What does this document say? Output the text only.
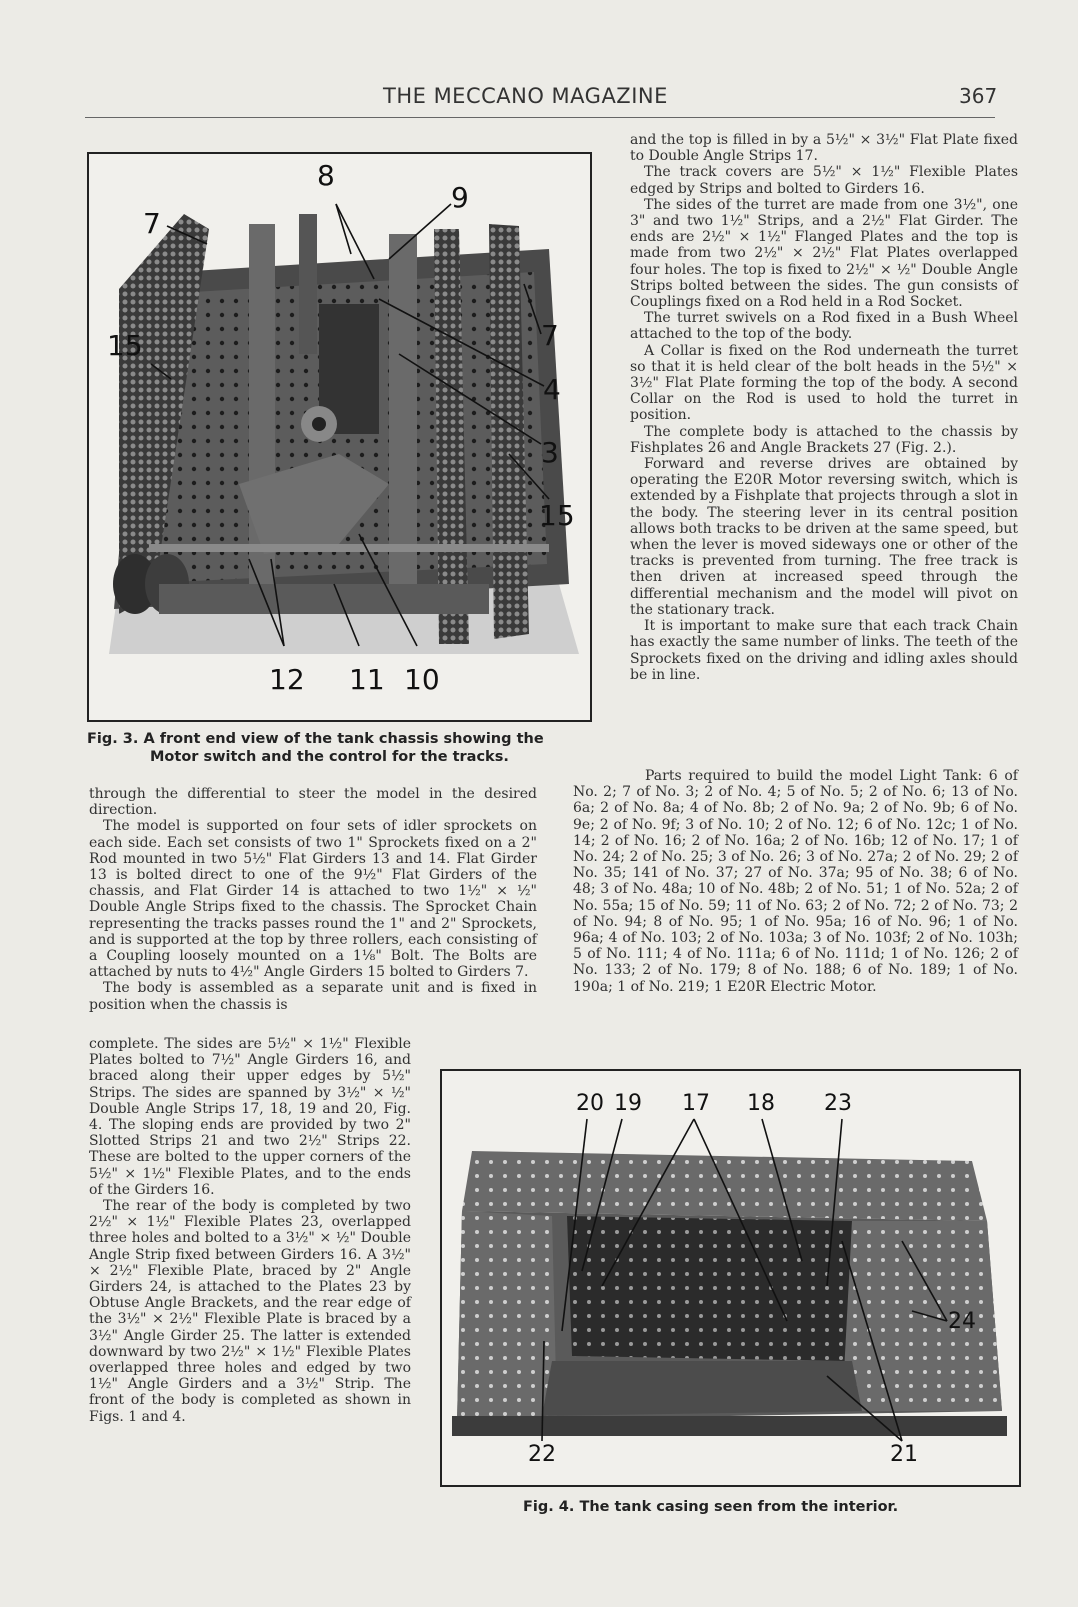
THE MECCANO MAGAZINE	367
7
8
9
15	7
4
3
15
12 11 10
Fig. 3. A front end view of the tank chassis showing the
Motor switch and the control for the tracks.

and the top is filled in by a 5½" × 3½" Flat Plate fixed to Double Angle Strips 17.

The track covers are 5½" × 1½" Flexible Plates edged by Strips and bolted to Girders 16.

The sides of the turret are made from one 3½", one 3" and two 1½" Strips, and a 2½" Flat Girder. The ends are 2½" × 1½" Flanged Plates and the top is made from two 2½" × 2½" Flat Plates overlapped four holes. The top is fixed to 2½" × ½" Double Angle Strips bolted between the sides. The gun consists of Couplings fixed on a Rod held in a Rod Socket.

The turret swivels on a Rod fixed in a Bush Wheel attached to the top of the body.

A Collar is fixed on the Rod underneath the turret so that it is held clear of the bolt heads in the 5½" × 3½" Flat Plate forming the top of the body. A second Collar on the Rod is used to hold the turret in position.

The complete body is attached to the chassis by Fishplates 26 and Angle Brackets 27 (Fig. 2.).

Forward and reverse drives are obtained by operating the E20R Motor reversing switch, which is extended by a Fishplate that projects through a slot in the body. The steering lever in its central position allows both tracks to be driven at the same speed, but when the lever is moved sideways one or other of the tracks is prevented from turning. The free track is then driven at increased speed through the differential mechanism and the model will pivot on the stationary track.

It is important to make sure that each track Chain has exactly the same number of links. The teeth of the Sprockets fixed on the driving and idling axles should be in line.

Parts required to build the model Light Tank: 6 of No. 2; 7 of No. 3; 2 of No. 4; 5 of No. 5; 2 of No. 6; 13 of No. 6a; 2 of No. 8a; 4 of No. 8b; 2 of No. 9a; 2 of No. 9b; 6 of No. 9e; 2 of No. 9f; 3 of No. 10; 2 of No. 12; 6 of No. 12c; 1 of No. 14; 2 of No. 16; 2 of No. 16a; 2 of No. 16b; 12 of No. 17; 1 of No. 24; 2 of No. 25; 3 of No. 26; 3 of No. 27a; 2 of No. 29; 2 of No. 35; 141 of No. 37; 27 of No. 37a; 95 of No. 38; 6 of No. 48; 3 of No. 48a; 10 of No. 48b; 2 of No. 51; 1 of No. 52a; 2 of No. 55a; 15 of No. 59; 11 of No. 63; 2 of No. 72; 2 of No. 73; 2 of No. 94; 8 of No. 95; 1 of No. 95a; 16 of No. 96; 1 of No. 96a; 4 of No. 103; 2 of No. 103a; 3 of No. 103f; 2 of No. 103h; 5 of No. 111; 4 of No. 111a; 6 of No. 111d; 1 of No. 126; 2 of No. 133; 2 of No. 179; 8 of No. 188; 6 of No. 189; 1 of No. 190a; 1 of No. 219; 1 E20R Electric Motor.

through the differential to steer the model in the desired direction.

The model is supported on four sets of idler sprockets on each side. Each set consists of two 1" Sprockets fixed on a 2" Rod mounted in two 5½" Flat Girders 13 and 14. Flat Girder 13 is bolted direct to one of the 9½" Flat Girders of the chassis, and Flat Girder 14 is attached to two 1½" × ½" Double Angle Strips fixed to the chassis. The Sprocket Chain representing the tracks passes round the 1" and 2" Sprockets, and is supported at the top by three rollers, each consisting of a Coupling loosely mounted on a 1⅛" Bolt. The Bolts are attached by nuts to 4½" Angle Girders 15 bolted to Girders 7.

The body is assembled as a separate unit and is fixed in position when the chassis is

complete. The sides are 5½" × 1½" Flexible Plates bolted to 7½" Angle Girders 16, and braced along their upper edges by 5½" Strips. The sides are spanned by 3½" × ½" Double Angle Strips 17, 18, 19 and 20, Fig. 4. The sloping ends are provided by two 2" Slotted Strips 21 and two 2½" Strips 22. These are bolted to the upper corners of the 5½" × 1½" Flexible Plates, and to the ends of the Girders 16.

The rear of the body is completed by two 2½" × 1½" Flexible Plates 23, overlapped three holes and bolted to a 3½" × ½" Double Angle Strip fixed between Girders 16. A 3½" × 2½" Flexible Plate, braced by 2" Angle Girders 24, is attached to the Plates 23 by Obtuse Angle Brackets, and the rear edge of the 3½" × 2½" Flexible Plate is braced by a 3½" Angle Girder 25. The latter is extended downward by two 2½" × 1½" Flexible Plates overlapped three holes and edged by two 1½" Angle Girders and a 3½" Strip. The front of the body is completed as shown in Figs. 1 and 4.

20 19 17 18 23
24
22	21
Fig. 4. The tank casing seen from the interior.
